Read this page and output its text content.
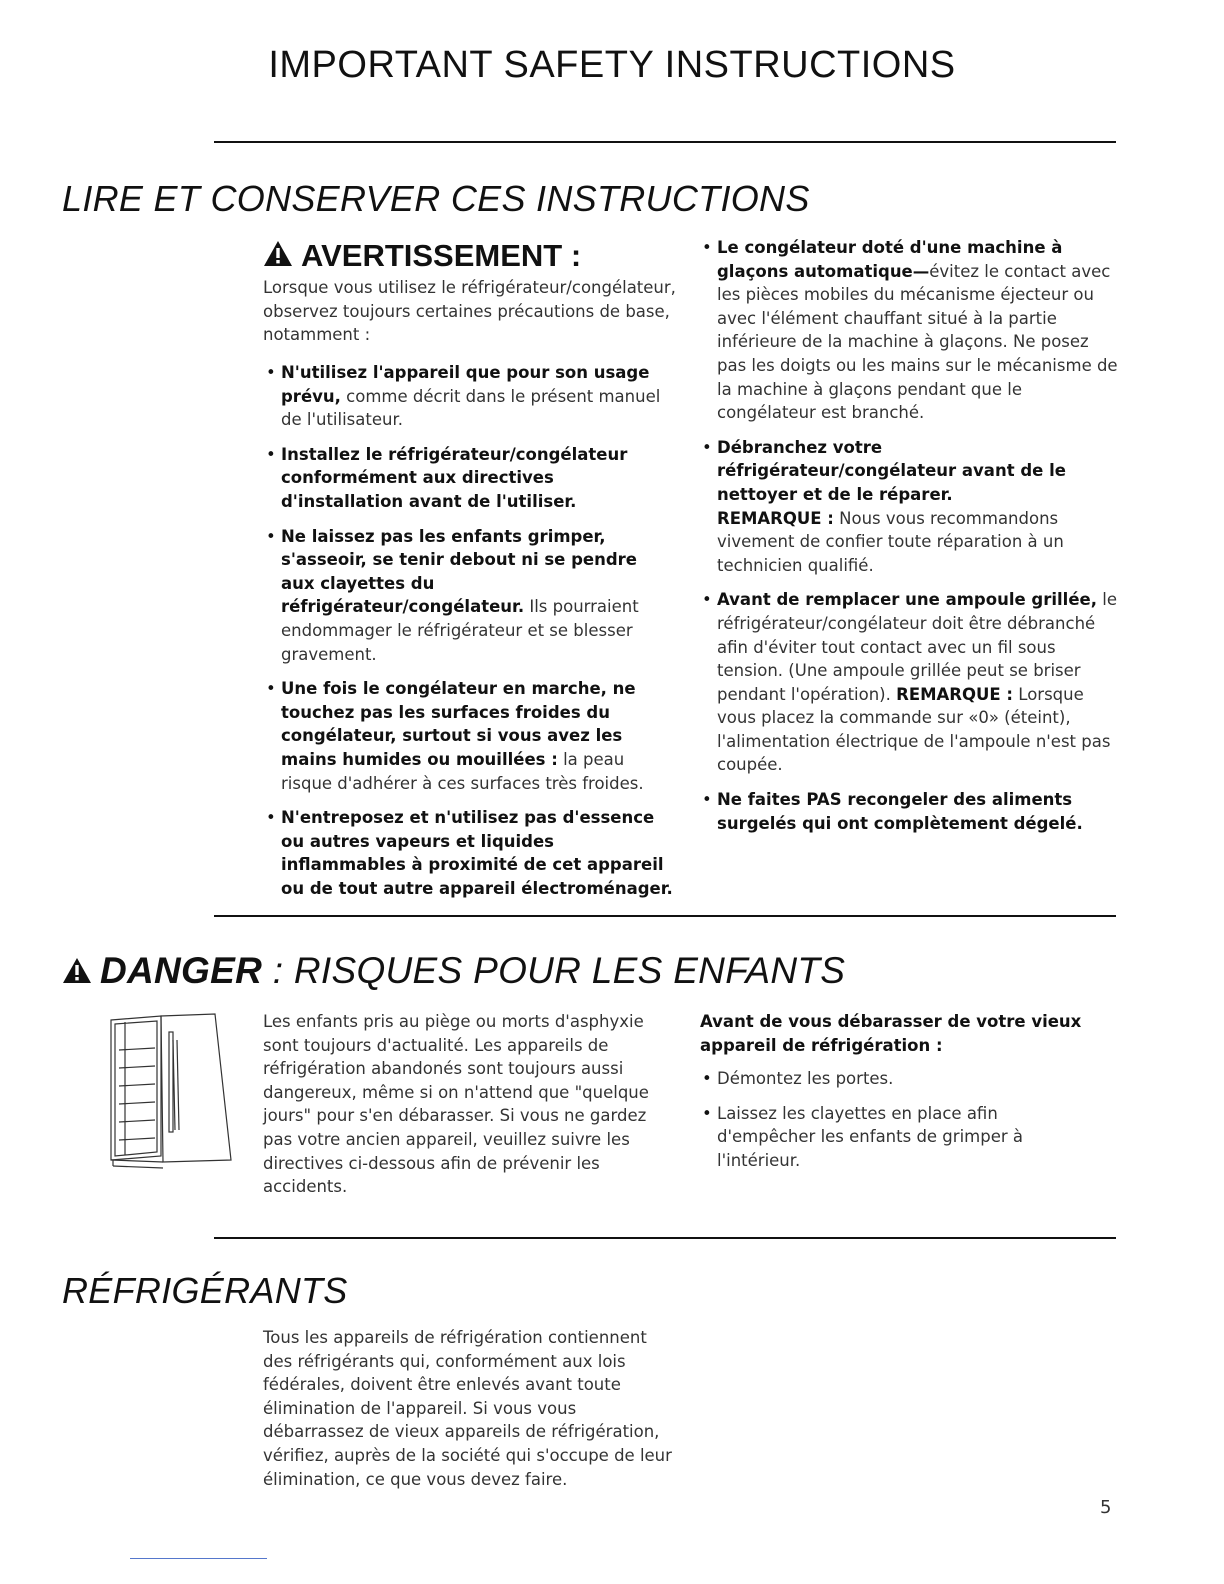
IMPORTANT SAFETY INSTRUCTIONS
LIRE ET CONSERVER CES INSTRUCTIONS
AVERTISSEMENT :
Lorsque vous utilisez le réfrigérateur/congélateur, observez toujours certaines précautions de base, notamment :
• N'utilisez l'appareil que pour son usage prévu, comme décrit dans le présent manuel de l'utilisateur.
• Installez le réfrigérateur/congélateur conformément aux directives d'installation avant de l'utiliser.
• Ne laissez pas les enfants grimper, s'asseoir, se tenir debout ni se pendre aux clayettes du réfrigérateur/congélateur. Ils pourraient endommager le réfrigérateur et se blesser gravement.
• Une fois le congélateur en marche, ne touchez pas les surfaces froides du congélateur, surtout si vous avez les mains humides ou mouillées : la peau risque d'adhérer à ces surfaces très froides.
• N'entreposez et n'utilisez pas d'essence ou autres vapeurs et liquides inflammables à proximité de cet appareil ou de tout autre appareil électroménager.
• Le congélateur doté d'une machine à glaçons automatique—évitez le contact avec les pièces mobiles du mécanisme éjecteur ou avec l'élément chauffant situé à la partie inférieure de la machine à glaçons. Ne posez pas les doigts ou les mains sur le mécanisme de la machine à glaçons pendant que le congélateur est branché.
• Débranchez votre réfrigérateur/congélateur avant de le nettoyer et de le réparer.
REMARQUE : Nous vous recommandons vivement de confier toute réparation à un technicien qualifié.
• Avant de remplacer une ampoule grillée, le réfrigérateur/congélateur doit être débranché afin d'éviter tout contact avec un fil sous tension. (Une ampoule grillée peut se briser pendant l'opération). REMARQUE : Lorsque vous placez la commande sur «0» (éteint), l'alimentation électrique de l'ampoule n'est pas coupée.
• Ne faites PAS recongeler des aliments surgelés qui ont complètement dégelé.
DANGER : RISQUES POUR LES ENFANTS
Les enfants pris au piège ou morts d'asphyxie sont toujours d'actualité. Les appareils de réfrigération abandonés sont toujours aussi dangereux, même si on n'attend que "quelque jours" pour s'en débarasser. Si vous ne gardez pas votre ancien appareil, veuillez suivre les directives ci-dessous afin de prévenir les accidents.
Avant de vous débarasser de votre vieux appareil de réfrigération :
• Démontez les portes.
• Laissez les clayettes en place afin d'empêcher les enfants de grimper à l'intérieur.
RÉFRIGÉRANTS
Tous les appareils de réfrigération contiennent des réfrigérants qui, conformément aux lois fédérales, doivent être enlevés avant toute élimination de l'appareil. Si vous vous débarrassez de vieux appareils de réfrigération, vérifiez, auprès de la société qui s'occupe de leur élimination, ce que vous devez faire.
5
